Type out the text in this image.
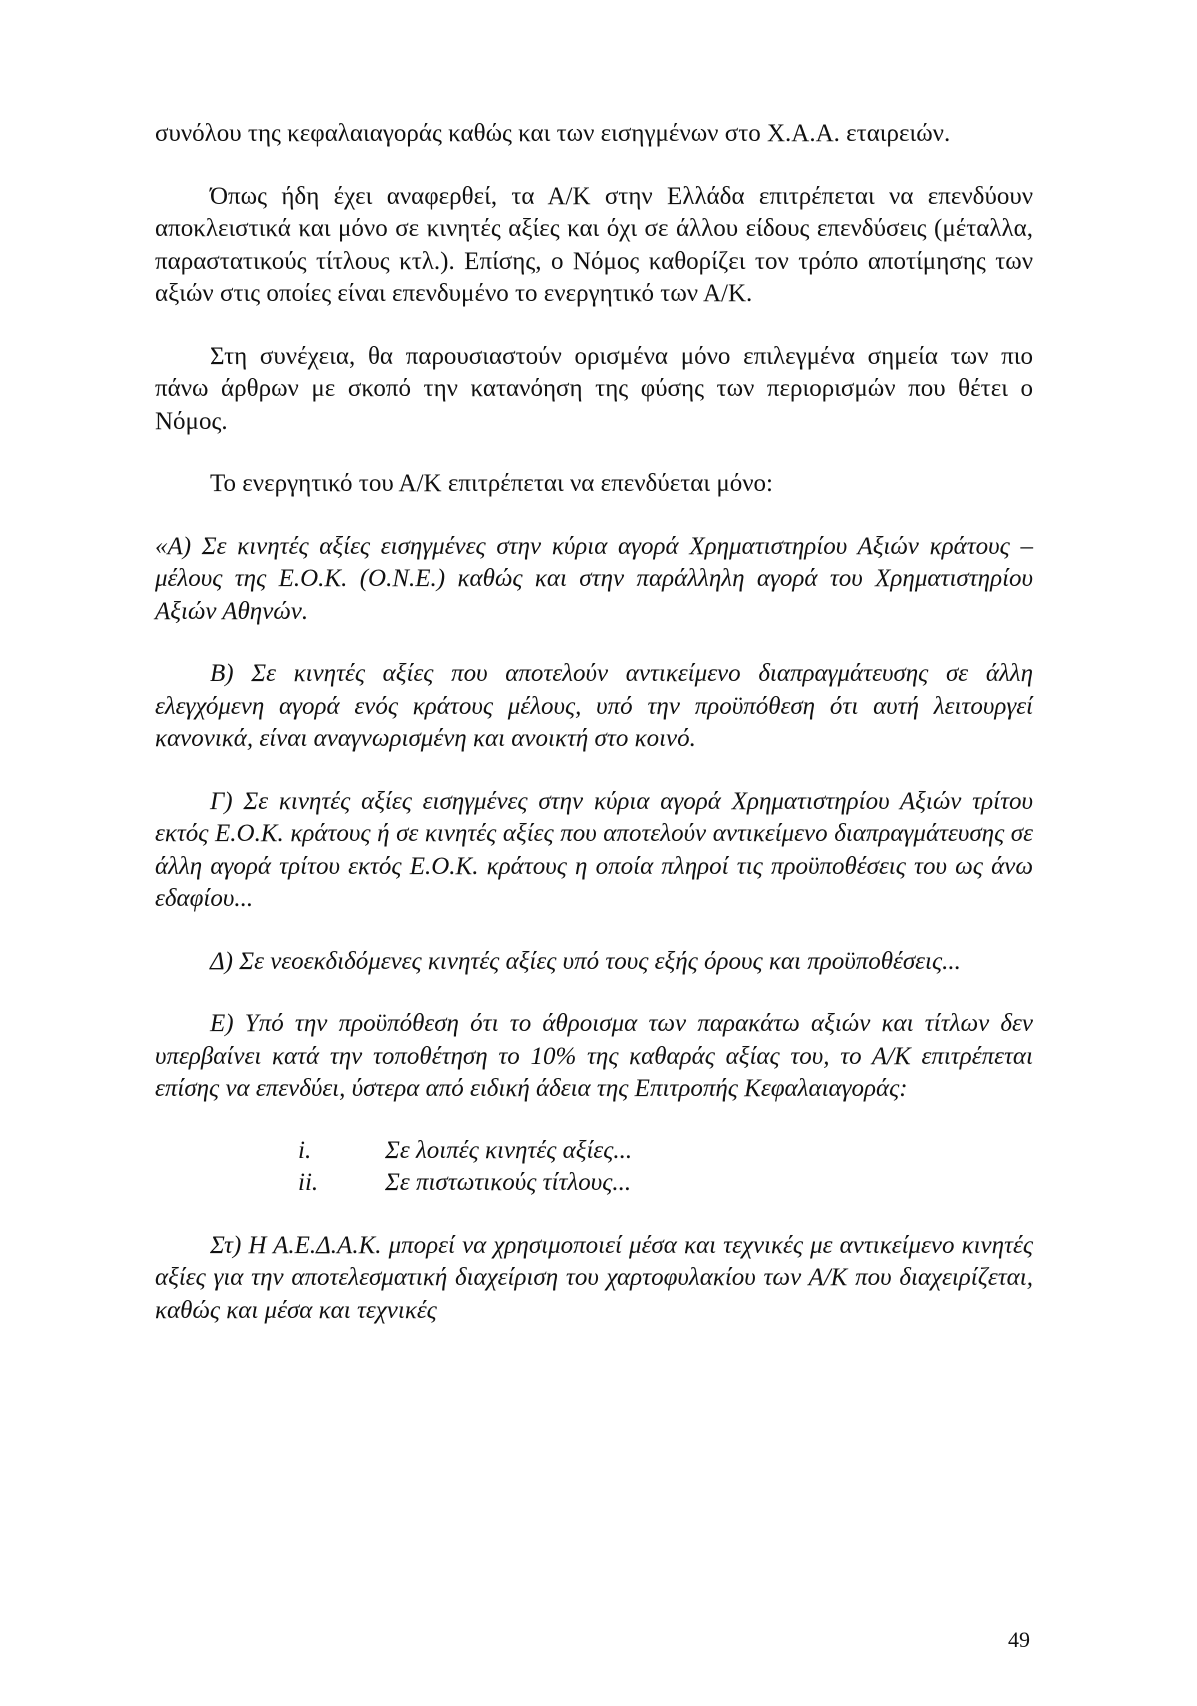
συνόλου της κεφαλαιαγοράς καθώς και των εισηγμένων στο Χ.Α.Α. εταιρειών.

Όπως ήδη έχει αναφερθεί, τα Α/Κ στην Ελλάδα επιτρέπεται να επενδύουν αποκλειστικά και μόνο σε κινητές αξίες και όχι σε άλλου είδους επενδύσεις (μέταλλα, παραστατικούς τίτλους κτλ.). Επίσης, ο Νόμος καθορίζει τον τρόπο αποτίμησης των αξιών στις οποίες είναι επενδυμένο το ενεργητικό των Α/Κ.

Στη συνέχεια, θα παρουσιαστούν ορισμένα μόνο επιλεγμένα σημεία των πιο πάνω άρθρων με σκοπό την κατανόηση της φύσης των περιορισμών που θέτει ο Νόμος.

Το ενεργητικό του Α/Κ επιτρέπεται να επενδύεται μόνο:

«Α) Σε κινητές αξίες εισηγμένες στην κύρια αγορά Χρηματιστηρίου Αξιών κράτους – μέλους της Ε.Ο.Κ. (Ο.Ν.Ε.) καθώς και στην παράλληλη αγορά του Χρηματιστηρίου Αξιών Αθηνών.

Β) Σε κινητές αξίες που αποτελούν αντικείμενο διαπραγμάτευσης σε άλλη ελεγχόμενη αγορά ενός κράτους μέλους, υπό την προϋπόθεση ότι αυτή λειτουργεί κανονικά, είναι αναγνωρισμένη και ανοικτή στο κοινό.

Γ) Σε κινητές αξίες εισηγμένες στην κύρια αγορά Χρηματιστηρίου Αξιών τρίτου εκτός Ε.Ο.Κ. κράτους ή σε κινητές αξίες που αποτελούν αντικείμενο διαπραγμάτευσης σε άλλη αγορά τρίτου εκτός Ε.Ο.Κ. κράτους η οποία πληροί τις προϋποθέσεις του ως άνω εδαφίου...

Δ) Σε νεοεκδιδόμενες κινητές αξίες υπό τους εξής όρους και προϋποθέσεις...

Ε) Υπό την προϋπόθεση ότι το άθροισμα των παρακάτω αξιών και τίτλων δεν υπερβαίνει κατά την τοποθέτηση το 10% της καθαράς αξίας του, το Α/Κ επιτρέπεται επίσης να επενδύει, ύστερα από ειδική άδεια της Επιτροπής Κεφαλαιαγοράς:

i.	Σε λοιπές κινητές αξίες...
ii.	Σε πιστωτικούς τίτλους...

Στ) Η Α.Ε.Δ.Α.Κ. μπορεί να χρησιμοποιεί μέσα και τεχνικές με αντικείμενο κινητές αξίες για την αποτελεσματική διαχείριση του χαρτοφυλακίου των Α/Κ που διαχειρίζεται, καθώς και μέσα και τεχνικές

49
